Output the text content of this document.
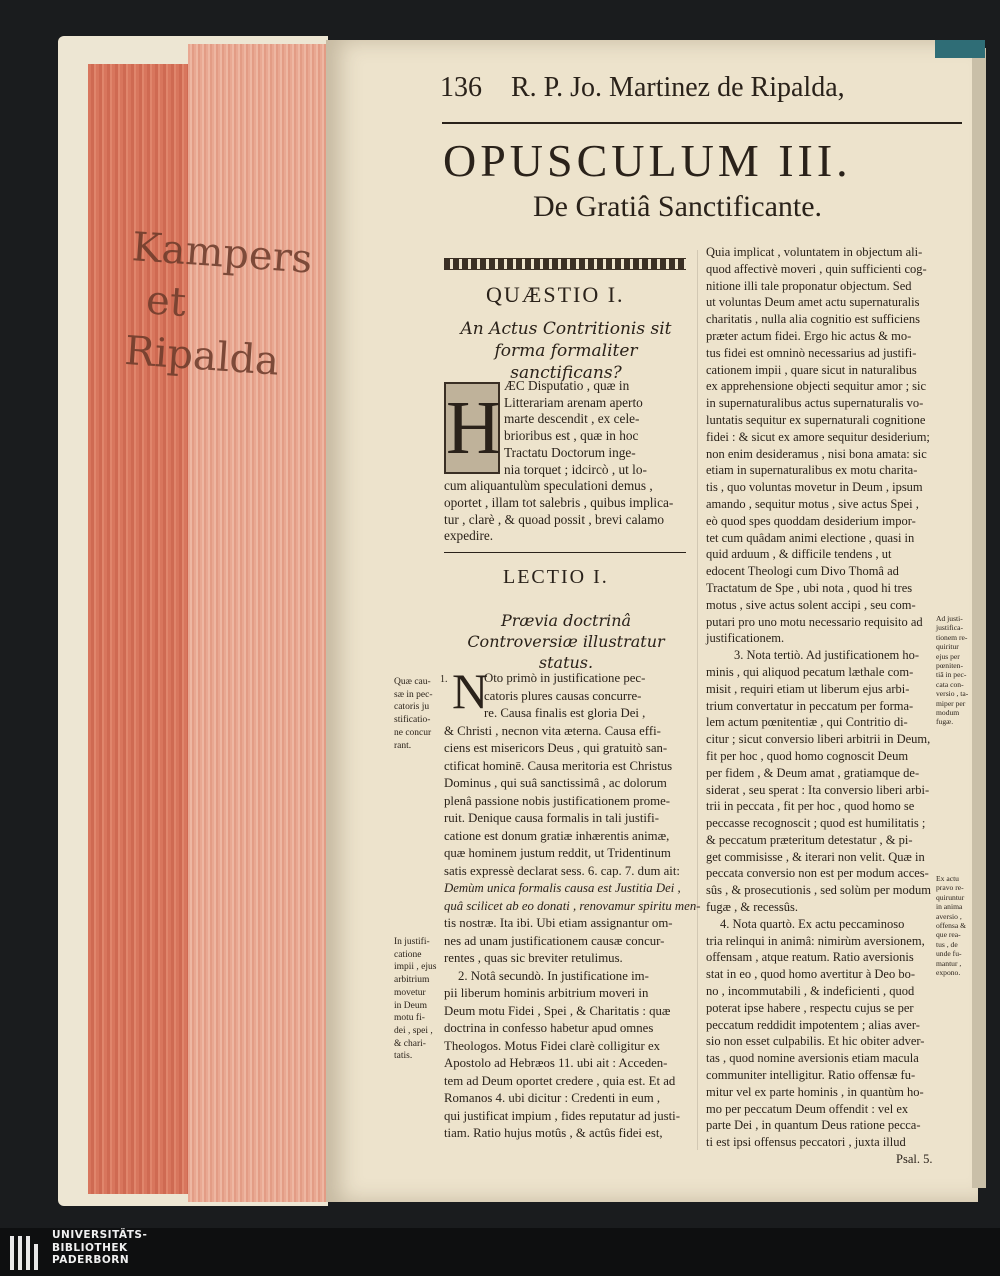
Kampers
et
Ripalda
136 R. P. Jo. Martinez de Ripalda,
OPUSCULUM III.
De Gratiâ Sanctificante.
QUÆSTIO I.
An Actus Contritionis sit forma formaliter sanctificans?
ÆC Disputatio , quæ in
Litterariam arenam aperto
marte descendit , ex cele-
brioribus est , quæ in hoc
Tractatu Doctorum inge-
nia torquet ; idcircò , ut lo-
cum aliquantulùm speculationi demus ,
oportet , illam tot salebris , quibus implica-
tur , clarè , & quoad possit , brevi calamo
expedire.
H
LECTIO I.
Prævia doctrinâ Controversiæ illustratur status.
N
Oto primò in justificatione pec-
catoris plures causas concurre-
re. Causa finalis est gloria Dei ,
& Christi , necnon vita æterna. Causa effi-
ciens est misericors Deus , qui gratuitò san-
ctificat hominē. Causa meritoria est Christus
Dominus , qui suâ sanctissimâ , ac dolorum
plenâ passione nobis justificationem prome-
ruit. Denique causa formalis in tali justifi-
catione est donum gratiæ inhærentis animæ,
quæ hominem justum reddit, ut Tridentinum
satis expressè declarat sess. 6. cap. 7. dum ait:
Demùm unica formalis causa est Justitia Dei ,
quâ scilicet ab eo donati , renovamur spiritu men-
tis nostræ. Ita ibi. Ubi etiam assignantur om-
nes ad unam justificationem causæ concur-
rentes , quas sic breviter retulimus.
2. Notâ secundò. In justificatione im-
pii liberum hominis arbitrium moveri in
Deum motu Fidei , Spei , & Charitatis : quæ
doctrina in confesso habetur apud omnes
Theologos. Motus Fidei clarè colligitur ex
Apostolo ad Hebræos 11. ubi ait : Acceden-
tem ad Deum oportet credere , quia est. Et ad
Romanos 4. ubi dicitur : Credenti in eum ,
qui justificat impium , fides reputatur ad justi-
tiam. Ratio hujus motûs , & actûs fidei est,
Quæ cau-
sæ in pec-
catoris ju
stificatio-
ne concur
rant.
1.
In justifi-
catione
impii , ejus
arbitrium
movetur
in Deum
motu fi-
dei , spei ,
& chari-
tatis.
Quia implicat , voluntatem in objectum ali-
quod affectivè moveri , quin sufficienti cog-
nitione illi tale proponatur objectum. Sed
ut voluntas Deum amet actu supernaturalis
charitatis , nulla alia cognitio est sufficiens
præter actum fidei. Ergo hic actus & mo-
tus fidei est omninò necessarius ad justifi-
cationem impii , quare sicut in naturalibus
ex apprehensione objecti sequitur amor ; sic
in supernaturalibus actus supernaturalis vo-
luntatis sequitur ex supernaturali cognitione
fidei : & sicut ex amore sequitur desiderium;
non enim desideramus , nisi bona amata: sic
etiam in supernaturalibus ex motu charita-
tis , quo voluntas movetur in Deum , ipsum
amando , sequitur motus , sive actus Spei ,
eò quod spes quoddam desiderium impor-
tet cum quâdam animi electione , quasi in
quid arduum , & difficile tendens , ut
edocent Theologi cum Divo Thomâ ad
Tractatum de Spe , ubi nota , quod hi tres
motus , sive actus solent accipi , seu com-
putari pro uno motu necessario requisito ad
justificationem.
3. Nota tertiò. Ad justificationem ho-
minis , qui aliquod pecatum læthale com-
misit , requiri etiam ut liberum ejus arbi-
trium convertatur in peccatum per forma-
lem actum pœnitentiæ , qui Contritio di-
citur ; sicut conversio liberi arbitrii in Deum,
fit per hoc , quod homo cognoscit Deum
per fidem , & Deum amat , gratiamque de-
siderat , seu sperat : Ita conversio liberi arbi-
trii in peccata , fit per hoc , quod homo se
peccasse recognoscit ; quod est humilitatis ;
& peccatum præteritum detestatur , & pi-
get commisisse , & iterari non velit. Quæ in
peccata conversio non est per modum acces-
sûs , & prosecutionis , sed solùm per modum
fugæ , & recessûs.
4. Nota quartò. Ex actu peccaminoso
tria relinqui in animâ: nimirùm aversionem,
offensam , atque reatum. Ratio aversionis
stat in eo , quod homo avertitur à Deo bo-
no , incommutabili , & indeficienti , quod
poterat ipse habere , respectu cujus se per
peccatum reddidit impotentem ; alias aver-
sio non esset culpabilis. Et hic obiter adver-
tas , quod nomine aversionis etiam macula
communiter intelligitur. Ratio offensæ fu-
mitur vel ex parte hominis , in quantùm ho-
mo per peccatum Deum offendit : vel ex
parte Dei , in quantum Deus ratione pecca-
ti est ipsi offensus peccatori , juxta illud
Psal. 5.
Ad justi-
justifica-
tionem re-
quiritur
ejus per
pœniten-
tiā in pec-
cata con-
versio , ta-
miper per
modum
fugæ.
Ex actu
pravo re-
quiruntur
in anima
aversio ,
offensa &
que rea-
tus , de
unde fu-
mantur ,
expono.
UNIVERSITÄTS-
BIBLIOTHEK
PADERBORN
